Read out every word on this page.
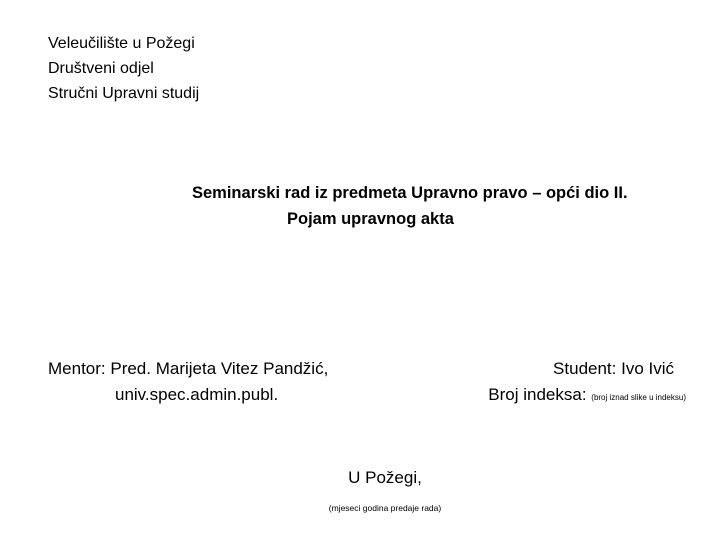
Veleučilište u Požegi
Društveni odjel
Stručni Upravni studij
Seminarski rad iz predmeta Upravno pravo – opći dio II.
Pojam upravnog akta
Mentor: Pred. Marijeta Vitez Pandžić,
univ.spec.admin.publ.
Student: Ivo Ivić
Broj indeksa: (broj iznad slike u indeksu)
U Požegi,
(mjeseci godina predaje rada)
